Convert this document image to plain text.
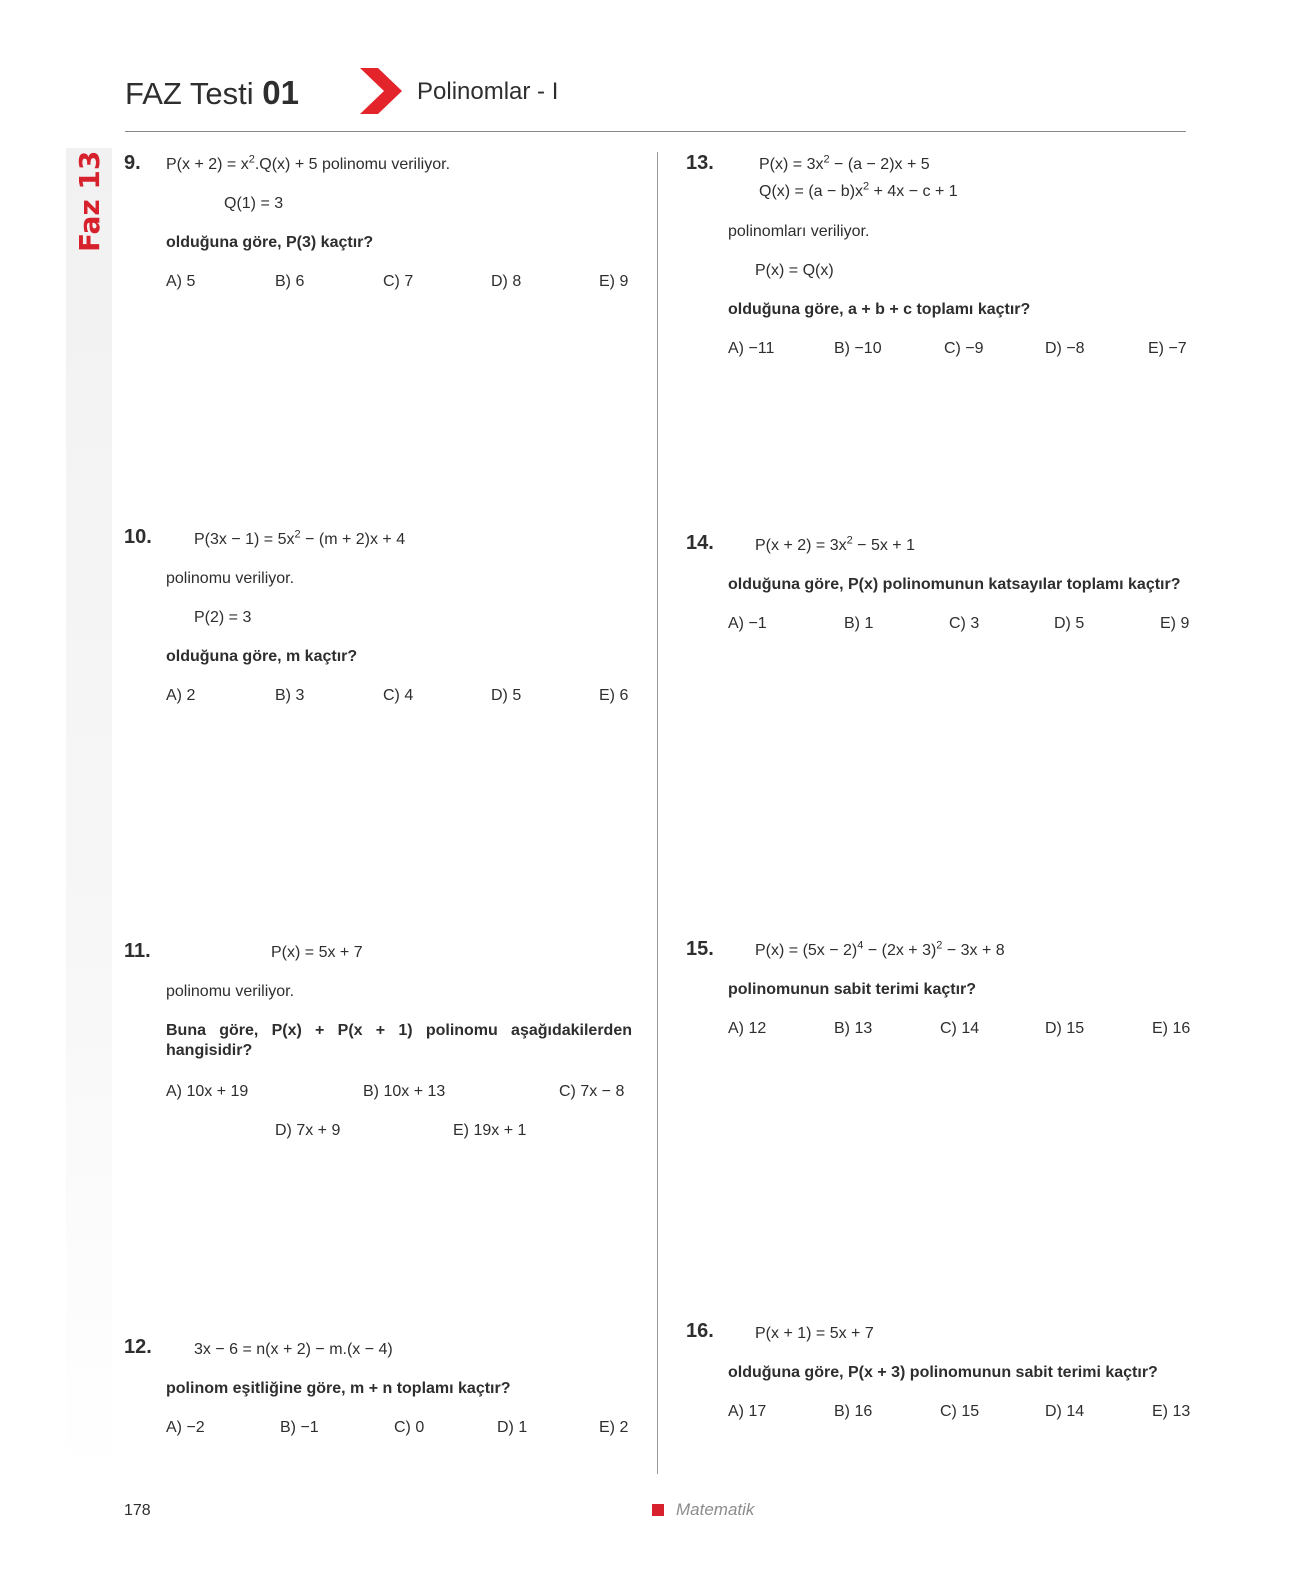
FAZ Testi 01	Polinomlar - I
Faz 13 9. $P(x + 2) = x^2.Q(x) + 5$ polinomu veriliyor.
Q(1) = 3
olduğuna göre, P(3) kaçtır?
A) 5	B) 6	C) 7	D) 8	E) 9
10.	$P(3x - 1) = 5x^2 - (m + 2)x + 4$
polinomu veriliyor.
P(2) = 3
olduğuna göre, m kaçtır?
A) 2	B) 3	C) 4	D) 5	E) 6
11.	P(x) = 5x + 7
polinomu veriliyor.
Buna göre, P(x) + P(x + 1) polinomu aşağıdakilerden hangisidir?
A) 10x + 19	B) 10x + 13	C) 7x − 8
D) 7x + 9	E) 19x + 1
12.	3x − 6 = n(x + 2) − m.(x − 4)
polinom eşitliğine göre, m + n toplamı kaçtır?
A) −2	B) −1	C) 0	D) 1	E) 2
13.	$P(x) = 3x^2 - (a - 2)x + 5$
$Q(x) = (a - b)x^2 + 4x - c + 1$
polinomları veriliyor.
P(x) = Q(x)
olduğuna göre, a + b + c toplamı kaçtır?
A) −11	B) −10	C) −9	D) −8	E) −7
14.	$P(x + 2) = 3x^2 - 5x + 1$
olduğuna göre, P(x) polinomunun katsayılar toplamı kaçtır?
A) −1	B) 1	C) 3	D) 5	E) 9
15.	$P(x) = (5x - 2)^4 - (2x + 3)^2 - 3x + 8$
polinomunun sabit terimi kaçtır?
A) 12	B) 13	C) 14	D) 15	E) 16
16.	P(x + 1) = 5x + 7
olduğuna göre, P(x + 3) polinomunun sabit terimi kaçtır?
A) 17	B) 16	C) 15	D) 14	E) 13
178	Matematik
